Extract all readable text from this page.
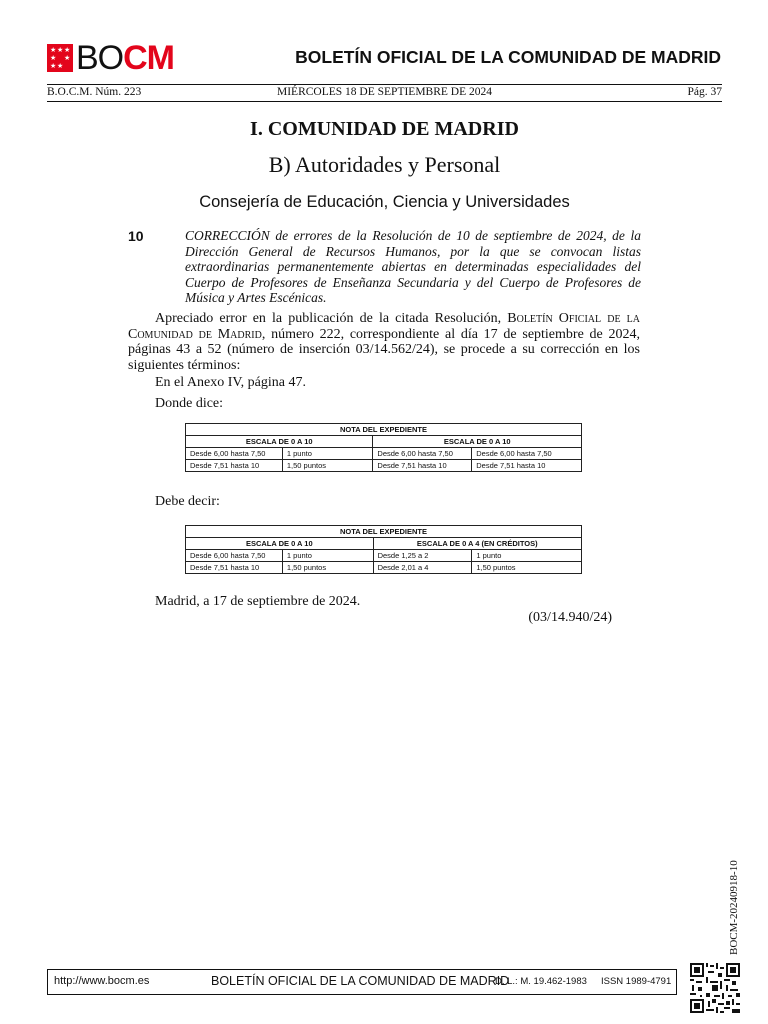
★ ★ ★
★ ★
★ ★ BOCM	BOLETÍN OFICIAL DE LA COMUNIDAD DE MADRID
B.O.C.M. Núm. 223	MIÉRCOLES 18 DE SEPTIEMBRE DE 2024	Pág. 37
I. COMUNIDAD DE MADRID
B) Autoridades y Personal
Consejería de Educación, Ciencia y Universidades
10	CORRECCIÓN de errores de la Resolución de 10 de septiembre de 2024, de la Dirección General de Recursos Humanos, por la que se convocan listas extraordinarias permanentemente abiertas en determinadas especialidades del Cuerpo de Profesores de Enseñanza Secundaria y del Cuerpo de Profesores de Música y Artes Escénicas.
Apreciado error en la publicación de la citada Resolución, Boletín Oficial de la Comunidad de Madrid, número 222, correspondiente al día 17 de septiembre de 2024, páginas 43 a 52 (número de inserción 03/14.562/24), se procede a su corrección en los siguientes términos:
En el Anexo IV, página 47.
Donde dice:
NOTA DEL EXPEDIENTE			
ESCALA DE 0 A 10		ESCALA DE 0 A 10	
Desde 6,00 hasta 7,50	1 punto	Desde 6,00 hasta 7,50	Desde 6,00 hasta 7,50
Desde 7,51 hasta 10	1,50 puntos	Desde 7,51 hasta 10	Desde 7,51 hasta 10
Debe decir:
NOTA DEL EXPEDIENTE			
ESCALA DE 0 A 10		ESCALA DE 0 A 4 (EN CRÉDITOS)	
Desde 6,00 hasta 7,50	1 punto	Desde 1,25 a 2	1 punto
Desde 7,51 hasta 10	1,50 puntos	Desde 2,01 a 4	1,50 puntos
Madrid, a 17 de septiembre de 2024.
(03/14.940/24)
BOCM-20240918-10
http://www.bocm.es	BOLETÍN OFICIAL DE LA COMUNIDAD DE MADRID
D. L.: M. 19.462-1983 ISSN 1989-4791
